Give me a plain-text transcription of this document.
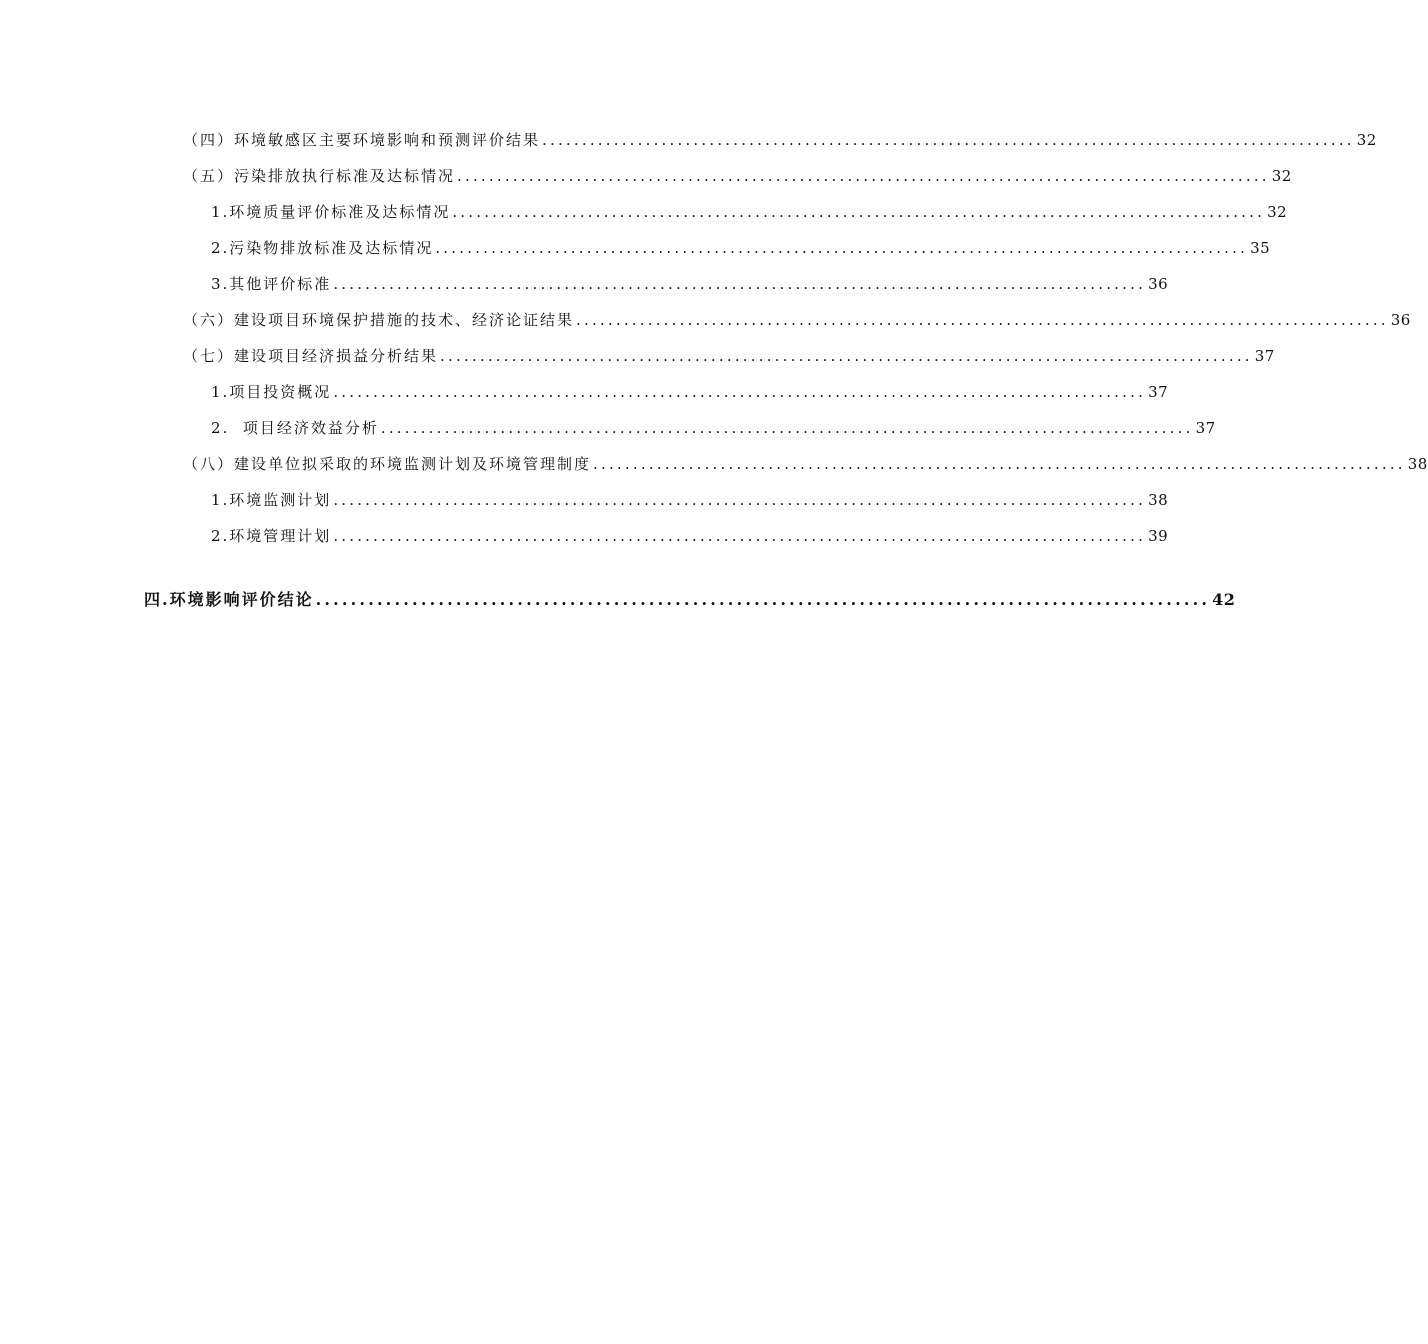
（四）环境敏感区主要环境影响和预测评价结果 ...................................................................................................... 32
（五）污染排放执行标准及达标情况 ...................................................................................................... 32
1.环境质量评价标准及达标情况 ...................................................................................................... 32
2.污染物排放标准及达标情况 ...................................................................................................... 35
3.其他评价标准 ...................................................................................................... 36
（六）建设项目环境保护措施的技术、经济论证结果 ...................................................................................................... 36
（七）建设项目经济损益分析结果 ...................................................................................................... 37
1.项目投资概况 ...................................................................................................... 37
2.  项目经济效益分析 ...................................................................................................... 37
（八）建设单位拟采取的环境监测计划及环境管理制度 ...................................................................................................... 38
1.环境监测计划 ...................................................................................................... 38
2.环境管理计划 ...................................................................................................... 39
四.环境影响评价结论 ...................................................................................................... 42
